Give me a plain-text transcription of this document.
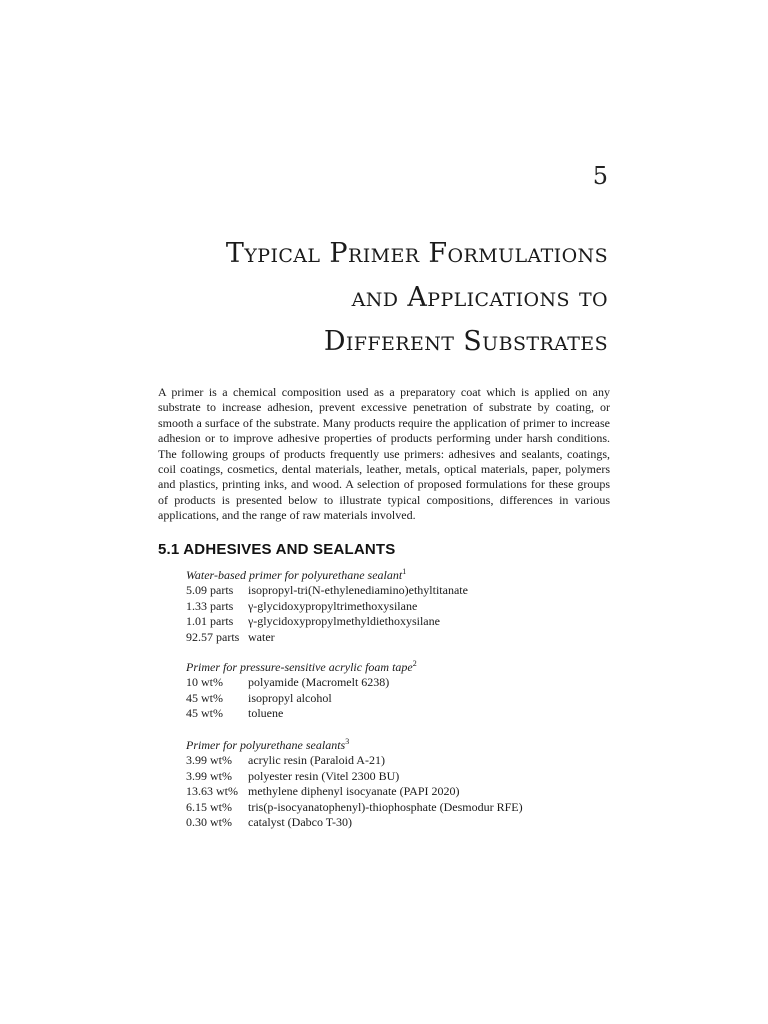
5
Typical Primer Formulations
and Applications to
Different Substrates

A primer is a chemical composition used as a preparatory coat which is applied on any substrate to increase adhesion, prevent excessive penetration of substrate by coating, or smooth a surface of the substrate. Many products require the application of primer to increase adhesion or to improve adhesive properties of products performing under harsh conditions. The following groups of products frequently use primers: adhesives and sealants, coatings, coil coatings, cosmetics, dental materials, leather, metals, optical materials, paper, polymers and plastics, printing inks, and wood. A selection of proposed formulations for these groups of products is presented below to illustrate typical compositions, differences in various applications, and the range of raw materials involved.

5.1 ADHESIVES AND SEALANTS
Water-based primer for polyurethane sealant$^1$
5.09 parts	isopropyl-tri(N-ethylenediamino)ethyltitanate
1.33 parts	γ-glycidoxypropyltrimethoxysilane
1.01 parts	γ-glycidoxypropylmethyldiethoxysilane
92.57 parts water
Primer for pressure-sensitive acrylic foam tape$^2$
10 wt%	polyamide (Macromelt 6238)
45 wt%	isopropyl alcohol
45 wt%	toluene
Primer for polyurethane sealants$^3$
3.99 wt%	acrylic resin (Paraloid A-21)
3.99 wt%	polyester resin (Vitel 2300 BU)
13.63 wt% methylene diphenyl isocyanate (PAPI 2020)
6.15 wt%	tris(p-isocyanatophenyl)-thiophosphate (Desmodur RFE)
0.30 wt%	catalyst (Dabco T-30)
